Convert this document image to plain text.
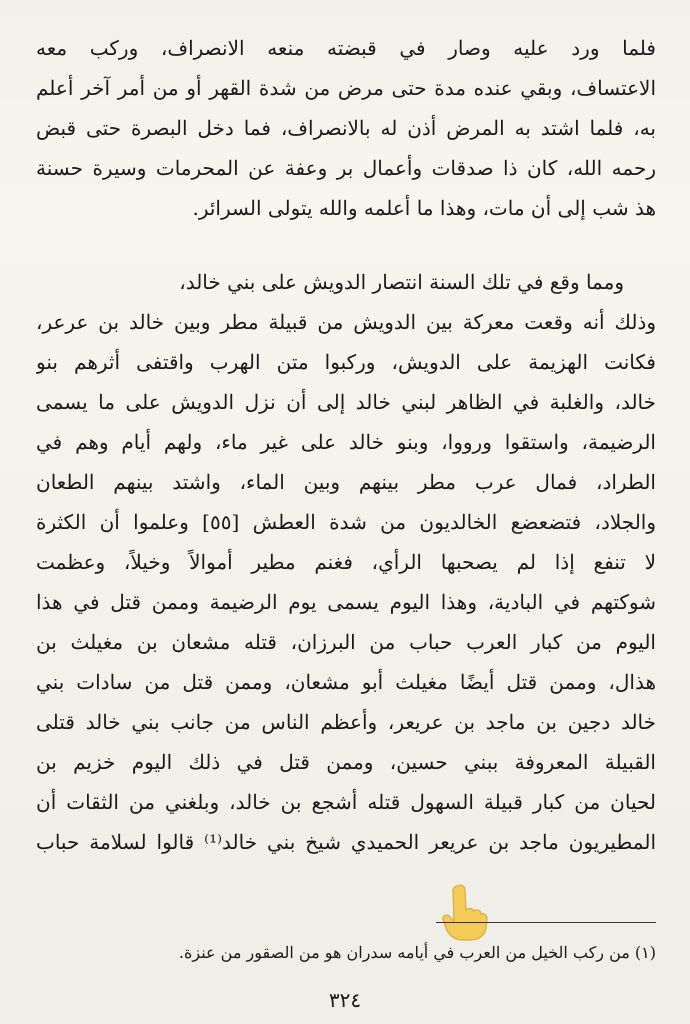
فلما ورد عليه وصار في قبضته منعه الانصراف، وركب معه
الاعتساف، وبقي عنده مدة حتى مرض من شدة القهر أو من أمر آخر أعلم
به، فلما اشتد به المرض أذن له بالانصراف، فما دخل البصرة حتى قبض
رحمه الله، كان ذا صدقات وأعمال بر وعفة عن المحرمات وسيرة حسنة
هذ شب إلى أن مات، وهذا ما أعلمه والله يتولى السرائر.
ومما وقع في تلك السنة انتصار الدويش على بني خالد،
وذلك أنه وقعت معركة بين الدويش من قبيلة مطر وبين خالد بن عرعر،
فكانت الهزيمة على الدويش، وركبوا متن الهرب واقتفى أثرهم بنو
خالد، والغلبة في الظاهر لبني خالد إلى أن نزل الدويش على ما يسمى
الرضيمة، واستقوا ورووا، وبنو خالد على غير ماء، ولهم أيام وهم في
الطراد، فمال عرب مطر بينهم وبين الماء، واشتد بينهم الطعان
والجلاد، فتضعضع الخالديون من شدة العطش [٥٥] وعلموا أن الكثرة
لا تنفع إذا لم يصحبها الرأي، فغنم مطير أموالاً وخيلاً، وعظمت
شوكتهم في البادية، وهذا اليوم يسمى يوم الرضيمة وممن قتل في هذا
اليوم من كبار العرب حباب من البرزان، قتله مشعان بن مغيلث بن
هذال، وممن قتل أيضًا مغيلث أبو مشعان، وممن قتل من سادات بني
خالد دجين بن ماجد بن عريعر، وأعظم الناس من جانب بني خالد قتلى
القبيلة المعروفة ببني حسين، وممن قتل في ذلك اليوم خزيم بن
لحيان من كبار قبيلة السهول قتله أشجع بن خالد، وبلغني من الثقات أن
المطيريون ماجد بن عريعر الحميدي شيخ بني خالد⁽¹⁾ قالوا لسلامة حباب
(١) من ركب الخيل من العرب في أيامه سدران هو من الصقور من عنزة.
٣٢٤
